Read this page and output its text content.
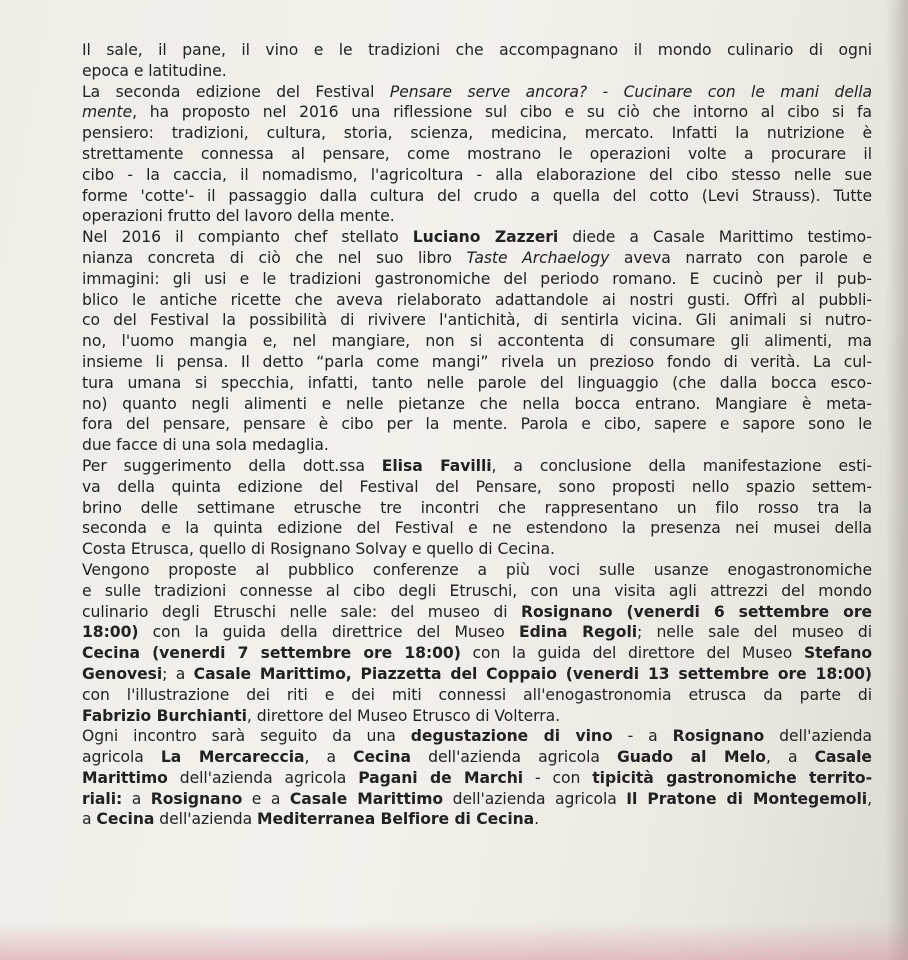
Il sale, il pane, il vino e le tradizioni che accompagnano il mondo culinario di ogni
epoca e latitudine.
La seconda edizione del Festival Pensare serve ancora? - Cucinare con le mani della
mente, ha proposto nel 2016 una riflessione sul cibo e su ciò che intorno al cibo si fa
pensiero: tradizioni, cultura, storia, scienza, medicina, mercato. Infatti la nutrizione è
strettamente connessa al pensare, come mostrano le operazioni volte a procurare il
cibo - la caccia, il nomadismo, l'agricoltura - alla elaborazione del cibo stesso nelle sue
forme 'cotte'- il passaggio dalla cultura del crudo a quella del cotto (Levi Strauss). Tutte
operazioni frutto del lavoro della mente.
Nel 2016 il compianto chef stellato Luciano Zazzeri diede a Casale Marittimo testimo-
nianza concreta di ciò che nel suo libro Taste Archaelogy aveva narrato con parole e
immagini: gli usi e le tradizioni gastronomiche del periodo romano. E cucinò per il pub-
blico le antiche ricette che aveva rielaborato adattandole ai nostri gusti. Offrì al pubbli-
co del Festival la possibilità di rivivere l'antichità, di sentirla vicina. Gli animali si nutro-
no, l'uomo mangia e, nel mangiare, non si accontenta di consumare gli alimenti, ma
insieme li pensa. Il detto “parla come mangi” rivela un prezioso fondo di verità. La cul-
tura umana si specchia, infatti, tanto nelle parole del linguaggio (che dalla bocca esco-
no) quanto negli alimenti e nelle pietanze che nella bocca entrano. Mangiare è meta-
fora del pensare, pensare è cibo per la mente. Parola e cibo, sapere e sapore sono le
due facce di una sola medaglia.
Per suggerimento della dott.ssa Elisa Favilli, a conclusione della manifestazione esti-
va della quinta edizione del Festival del Pensare, sono proposti nello spazio settem-
brino delle settimane etrusche tre incontri che rappresentano un filo rosso tra la
seconda e la quinta edizione del Festival e ne estendono la presenza nei musei della
Costa Etrusca, quello di Rosignano Solvay e quello di Cecina.
Vengono proposte al pubblico conferenze a più voci sulle usanze enogastronomiche
e sulle tradizioni connesse al cibo degli Etruschi, con una visita agli attrezzi del mondo
culinario degli Etruschi nelle sale: del museo di Rosignano (venerdi 6 settembre ore
18:00) con la guida della direttrice del Museo Edina Regoli; nelle sale del museo di
Cecina (venerdi 7 settembre ore 18:00) con la guida del direttore del Museo Stefano
Genovesi; a Casale Marittimo, Piazzetta del Coppaio (venerdi 13 settembre ore 18:00)
con l'illustrazione dei riti e dei miti connessi all'enogastronomia etrusca da parte di
Fabrizio Burchianti, direttore del Museo Etrusco di Volterra.
Ogni incontro sarà seguito da una degustazione di vino - a Rosignano dell'azienda
agricola La Mercareccia, a Cecina dell'azienda agricola Guado al Melo, a Casale
Marittimo dell'azienda agricola Pagani de Marchi - con tipicità gastronomiche territo-
riali: a Rosignano e a Casale Marittimo dell'azienda agricola Il Pratone di Montegemoli,
a Cecina dell'azienda Mediterranea Belfiore di Cecina.
